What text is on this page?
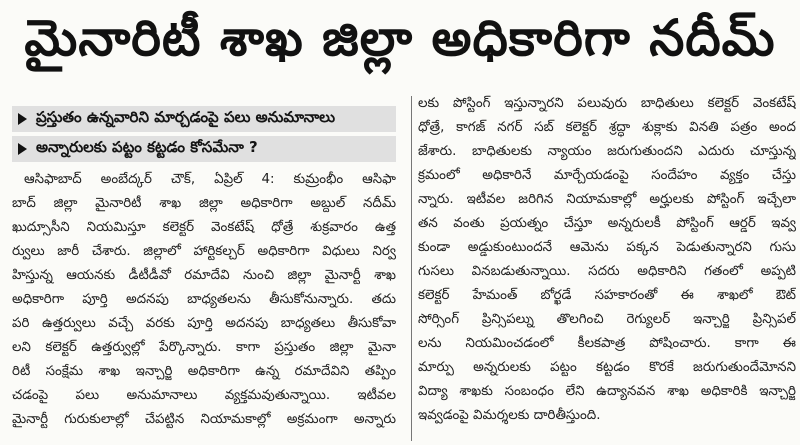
మైనారిటీ శాఖ జిల్లా అధికారిగా నదీమ్
ప్రస్తుతం ఉన్నవారిని మార్చడంపై పలు అనుమానాలు
అన్నారులకు పట్టం కట్టడం కోసమేనా ?
ఆసిఫాబాద్ అంబేద్కర్ చౌక్, ఏప్రిల్ 4: కుమ్రంభీం ఆసిఫా
బాద్ జిల్లా మైనారిటీ శాఖ జిల్లా అధికారిగా అబ్దుల్ నదీమ్
ఖుద్సూసీని నియమిస్తూ కలెక్టర్ వెంకటేష్ ధోత్రే శుక్రవారం ఉత్త
ర్వులు జారీ చేశారు. జిల్లాలో హార్టికల్చర్ అధికారిగా విధులు నిర్వ
హిస్తున్న ఆయనకు డీటీడీవో రమాదేవి నుంచి జిల్లా మైనార్టీ శాఖ
అధికారిగా పూర్తి అదనపు బాధ్యతలను తీసుకోనున్నారు. తదు
పరి ఉత్తర్వులు వచ్చే వరకు పూర్తి అదనపు బాధ్యతలు తీసుకోవా
లని కలెక్టర్ ఉత్తర్వుల్లో పేర్కొన్నారు. కాగా ప్రస్తుతం జిల్లా మైనా
రిటీ సంక్షేమ శాఖ ఇన్చార్జి అధికారిగా ఉన్న రమాదేవిని తప్పిం
చడంపై పలు అనుమానాలు వ్యక్తమవుతున్నాయి. ఇటీవల
మైనార్టీ గురుకులాల్లో చేపట్టిన నియామకాల్లో అక్రమంగా అన్నారు
లకు పోస్టింగ్ ఇస్తున్నారని పలువురు బాధితులు కలెక్టర్ వెంకటేష్
ధోత్రే, కాగజ్ నగర్ సబ్ కలెక్టర్ శ్రద్ధా శుక్లాకు వినతి పత్రం అంద
జేశారు. బాధితులకు న్యాయం జరుగుతుందని ఎదురు చూస్తున్న
క్రమంలో అధికారినే మార్చేయడంపై సందేహం వ్యక్తం చేస్తు
న్నారు. ఇటీవల జరిగిన నియామకాల్లో అర్హులకు పోస్టింగ్ ఇచ్చేలా
తన వంతు ప్రయత్నం చేస్తూ అన్నరులకీ పోస్టింగ్ ఆర్డర్ ఇవ్వ
కుండా అడ్డుకుంటుందనే ఆమెను పక్కన పెడుతున్నారని గుసు
గుసలు వినబడుతున్నాయి. సదరు అధికారిని గతంలో అప్పటి
కలెక్టర్ హేమంత్ బోర్ఖడే సహకారంతో ఈ శాఖలో ఔట్
సోర్సింగ్ ప్రిన్సిపల్ను తొలగించి రెగ్యులర్ ఇన్చార్జి ప్రిన్సిపల్
లను నియమించడంలో కీలకపాత్ర పోషించారు. కాగా ఈ
మార్పు అన్నరులకు పట్టం కట్టడం కొరకే జరుగుతుందేమోనని
విద్యా శాఖకు సంబంధం లేని ఉద్యానవన శాఖ అధికారికి ఇన్చార్జి
ఇవ్వడంపై విమర్శలకు దారితీస్తుంది.
